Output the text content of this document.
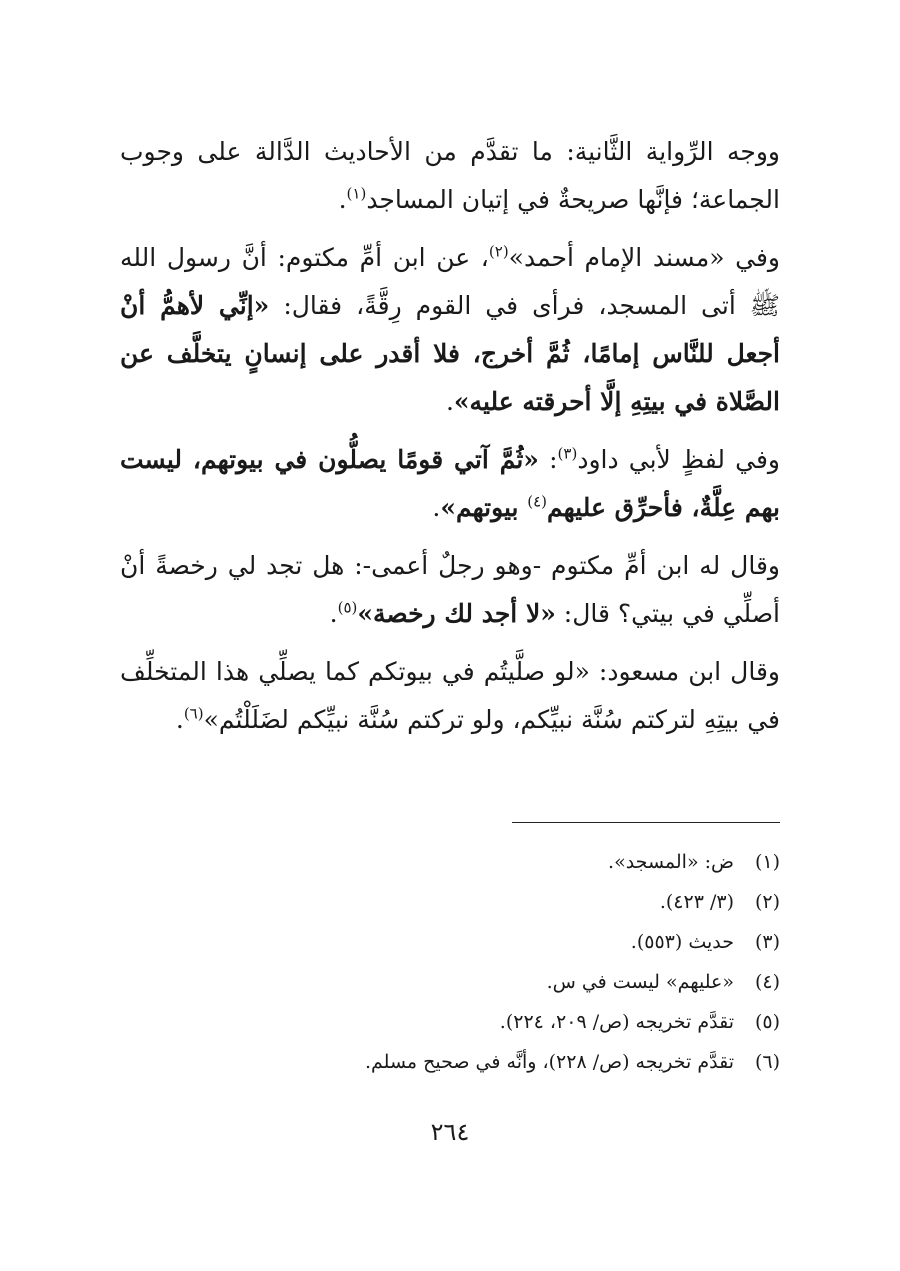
ووجه الرِّواية الثَّانية: ما تقدَّم من الأحاديث الدَّالة على وجوب الجماعة؛ فإنَّها صريحةٌ في إتيان المساجد$^{(١)}$.

وفي «مسند الإمام أحمد»$^{(٢)}$، عن ابن أمِّ مكتوم: أنَّ رسول الله ﷺ أتى المسجد، فرأى في القوم رِقَّةً، فقال: «إنِّي لأهمُّ أنْ أجعل للنَّاس إمامًا، ثُمَّ أخرج، فلا أقدر على إنسانٍ يتخلَّف عن الصَّلاة في بيتِهِ إلَّا أحرقته عليه».

وفي لفظٍ لأبي داود$^{(٣)}$: «ثُمَّ آتي قومًا يصلُّون في بيوتهم، ليست بهم عِلَّةٌ، فأحرِّق عليهم$^{(٤)}$ بيوتهم».

وقال له ابن أمِّ مكتوم -وهو رجلٌ أعمى-: هل تجد لي رخصةً أنْ أصلِّي في بيتي؟ قال: «لا أجد لك رخصة»$^{(٥)}$.

وقال ابن مسعود: «لو صلَّيتُم في بيوتكم كما يصلِّي هذا المتخلِّف في بيتِهِ لتركتم سُنَّة نبيِّكم، ولو تركتم سُنَّة نبيِّكم لضَلَلْتُم»$^{(٦)}$.

(١)ض: «المسجد».
(٢)(٣/ ٤٢٣).
(٣)حديث (٥٥٣).
(٤)«عليهم» ليست في س.
(٥)تقدَّم تخريجه (ص/ ٢٠٩، ٢٢٤).
(٦)تقدَّم تخريجه (ص/ ٢٢٨)، وأنَّه في صحيح مسلم.
٢٦٤
